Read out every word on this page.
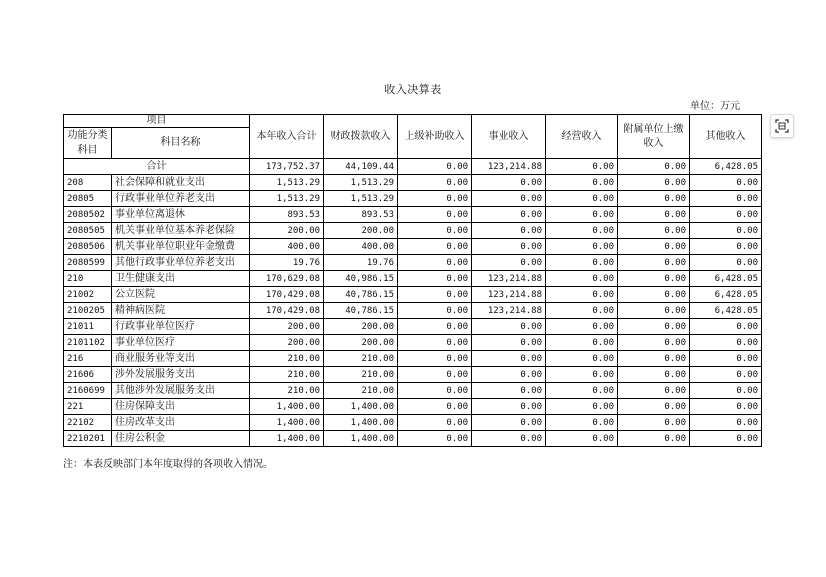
收入决算表
单位：万元
项目		本年收入合计	财政拨款收入	上级补助收入	事业收入	经营收入	附属单位上缴收入	其他收入
功能分类科目	科目名称							
合计		173,752.37	44,109.44	0.00	123,214.88	0.00	0.00	6,428.05
208	社会保障和就业支出	1,513.29	1,513.29	0.00	0.00	0.00	0.00	0.00
20805	行政事业单位养老支出	1,513.29	1,513.29	0.00	0.00	0.00	0.00	0.00
2080502	事业单位离退休	893.53	893.53	0.00	0.00	0.00	0.00	0.00
2080505	机关事业单位基本养老保险	200.00	200.00	0.00	0.00	0.00	0.00	0.00
2080506	机关事业单位职业年金缴费	400.00	400.00	0.00	0.00	0.00	0.00	0.00
2080599	其他行政事业单位养老支出	19.76	19.76	0.00	0.00	0.00	0.00	0.00
210	卫生健康支出	170,629.08	40,986.15	0.00	123,214.88	0.00	0.00	6,428.05
21002	公立医院	170,429.08	40,786.15	0.00	123,214.88	0.00	0.00	6,428.05
2100205	精神病医院	170,429.08	40,786.15	0.00	123,214.88	0.00	0.00	6,428.05
21011	行政事业单位医疗	200.00	200.00	0.00	0.00	0.00	0.00	0.00
2101102	事业单位医疗	200.00	200.00	0.00	0.00	0.00	0.00	0.00
216	商业服务业等支出	210.00	210.00	0.00	0.00	0.00	0.00	0.00
21606	涉外发展服务支出	210.00	210.00	0.00	0.00	0.00	0.00	0.00
2160699	其他涉外发展服务支出	210.00	210.00	0.00	0.00	0.00	0.00	0.00
221	住房保障支出	1,400.00	1,400.00	0.00	0.00	0.00	0.00	0.00
22102	住房改革支出	1,400.00	1,400.00	0.00	0.00	0.00	0.00	0.00
2210201	住房公积金	1,400.00	1,400.00	0.00	0.00	0.00	0.00	0.00
注：本表反映部门本年度取得的各项收入情况。
